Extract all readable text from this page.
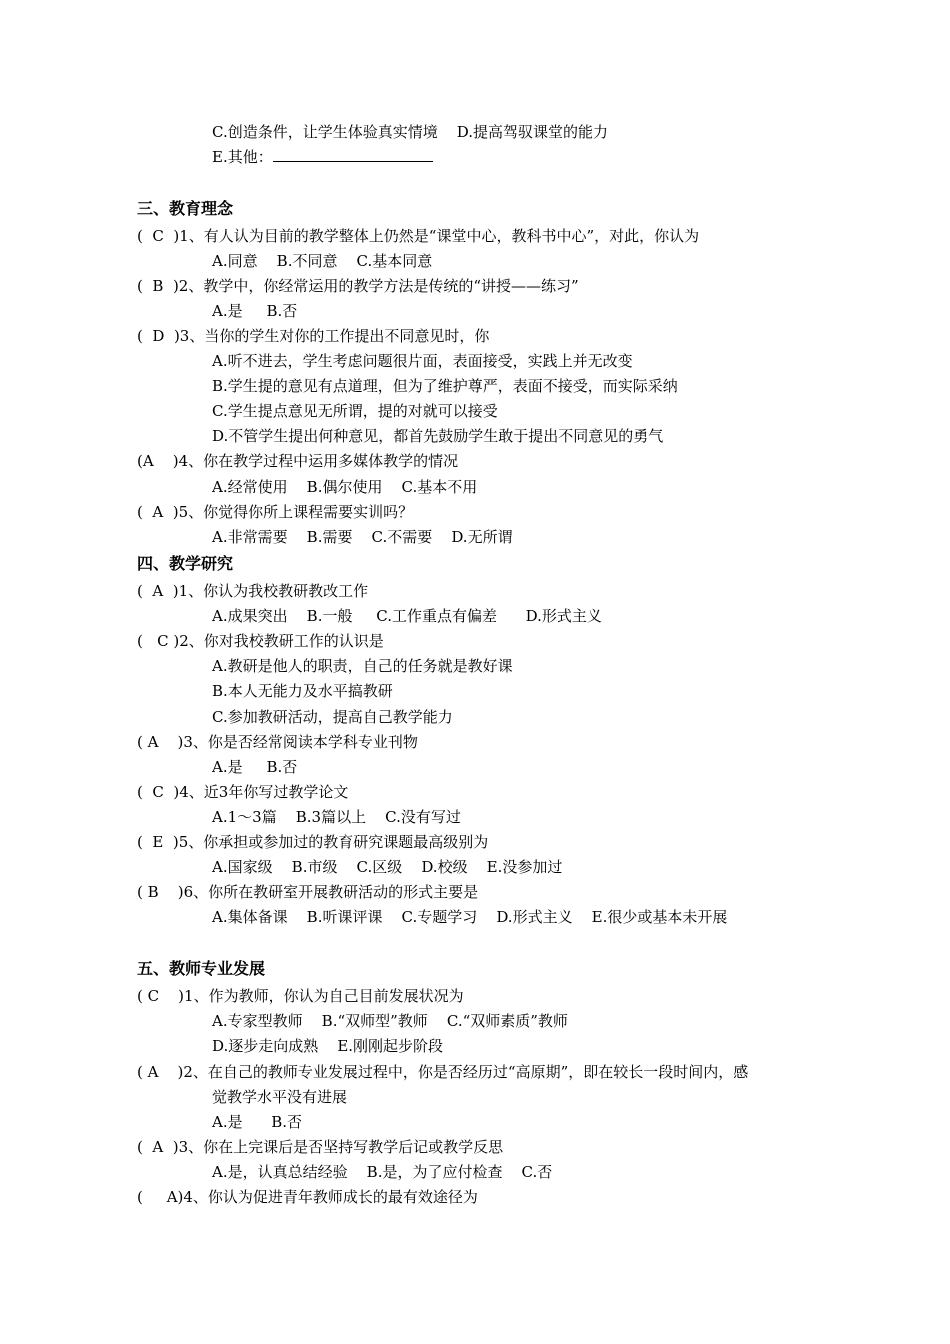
C.创造条件，让学生体验真实情境    D.提高驾驭课堂的能力
E.其他：
三、教育理念
(  C  )1、有人认为目前的教学整体上仍然是“课堂中心，教科书中心”，对此，你认为
A.同意    B.不同意    C.基本同意
(  B  )2、教学中，你经常运用的教学方法是传统的“讲授——练习”
A.是     B.否
(  D  )3、当你的学生对你的工作提出不同意见时，你
A.听不进去，学生考虑问题很片面，表面接受，实践上并无改变
B.学生提的意见有点道理，但为了维护尊严，表面不接受，而实际采纳
C.学生提点意见无所谓，提的对就可以接受
D.不管学生提出何种意见，都首先鼓励学生敢于提出不同意见的勇气
(A    )4、你在教学过程中运用多媒体教学的情况
A.经常使用    B.偶尔使用    C.基本不用
(  A  )5、你觉得你所上课程需要实训吗？
A.非常需要    B.需要    C.不需要    D.无所谓
四、教学研究
(  A  )1、你认为我校教研教改工作
A.成果突出    B.一般     C.工作重点有偏差      D.形式主义
(   C )2、你对我校教研工作的认识是
A.教研是他人的职责，自己的任务就是教好课
B.本人无能力及水平搞教研
C.参加教研活动，提高自己教学能力
( A    )3、你是否经常阅读本学科专业刊物
A.是     B.否
(  C  )4、近3年你写过教学论文
A.1～3篇    B.3篇以上    C.没有写过
(  E  )5、你承担或参加过的教育研究课题最高级别为
A.国家级    B.市级    C.区级    D.校级    E.没参加过
( B    )6、你所在教研室开展教研活动的形式主要是
A.集体备课    B.听课评课    C.专题学习    D.形式主义    E.很少或基本未开展
五、教师专业发展
( C    )1、作为教师，你认为自己目前发展状况为
A.专家型教师    B.“双师型”教师    C.“双师素质”教师
D.逐步走向成熟    E.刚刚起步阶段
( A    )2、在自己的教师专业发展过程中，你是否经历过“高原期”，即在较长一段时间内，感
觉教学水平没有进展
A.是      B.否
(  A  )3、你在上完课后是否坚持写教学后记或教学反思
A.是，认真总结经验    B.是，为了应付检查    C.否
(     A)4、你认为促进青年教师成长的最有效途径为
